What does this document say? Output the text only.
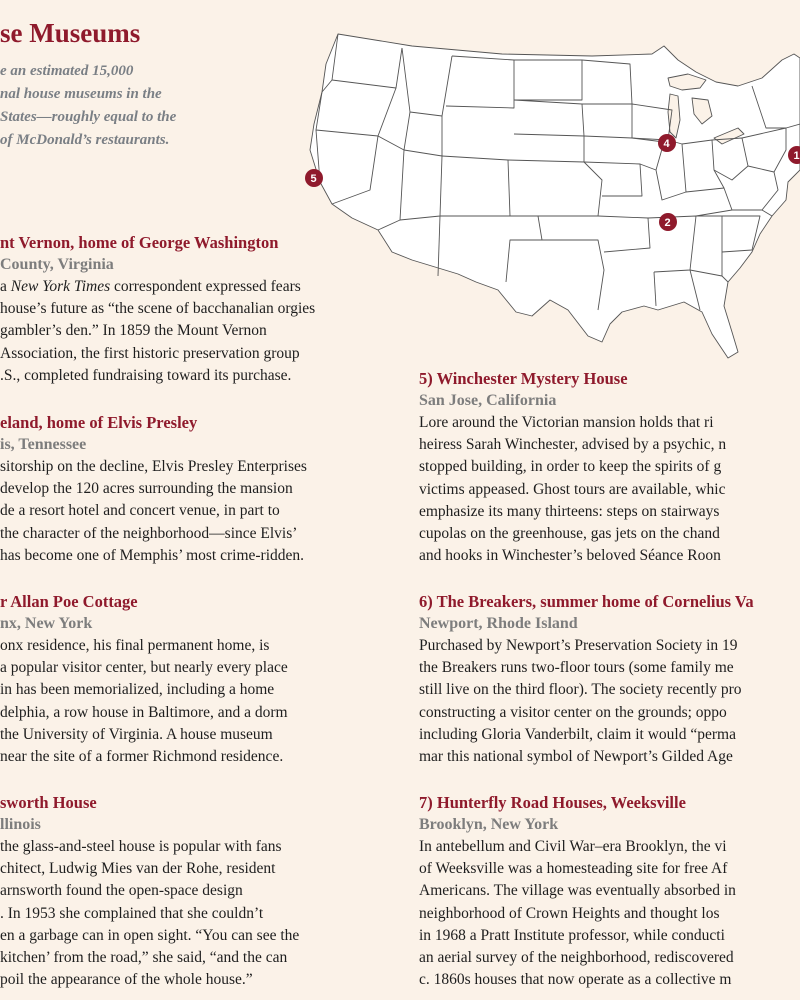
se Museums

e an estimated 15,000
nal house museums in the
States—roughly equal to the
of McDonald’s restaurants.

1
2
4
5

nt Vernon, home of George Washington

County, Virginia

a New York Times correspondent expressed fears
house’s future as “the scene of bacchanalian orgies
gambler’s den.” In 1859 the Mount Vernon
Association, the first historic preservation group
.S., completed fundraising toward its purchase.

eland, home of Elvis Presley

is, Tennessee

sitorship on the decline, Elvis Presley Enterprises
develop the 120 acres surrounding the mansion
de a resort hotel and concert venue, in part to
the character of the neighborhood—since Elvis’
has become one of Memphis’ most crime-ridden.

r Allan Poe Cottage

nx, New York

onx residence, his final permanent home, is
a popular visitor center, but nearly every place
in has been memorialized, including a home
delphia, a row house in Baltimore, and a dorm
the University of Virginia. A house museum
near the site of a former Richmond residence.

sworth House

llinois

the glass-and-steel house is popular with fans
chitect, Ludwig Mies van der Rohe, resident
arnsworth found the open-space design
. In 1953 she complained that she couldn’t
en a garbage can in open sight. “You can see the
kitchen’ from the road,” she said, “and the can
poil the appearance of the whole house.”

5) Winchester Mystery House

San Jose, California

Lore around the Victorian mansion holds that ri
heiress Sarah Winchester, advised by a psychic, n
stopped building, in order to keep the spirits of g
victims appeased. Ghost tours are available, whic
emphasize its many thirteens: steps on stairways
cupolas on the greenhouse, gas jets on the chand
and hooks in Winchester’s beloved Séance Roon

6) The Breakers, summer home of Cornelius Va

Newport, Rhode Island

Purchased by Newport’s Preservation Society in 19
the Breakers runs two-floor tours (some family me
still live on the third floor). The society recently pro
constructing a visitor center on the grounds; oppo
including Gloria Vanderbilt, claim it would “perma
mar this national symbol of Newport’s Gilded Age

7) Hunterfly Road Houses, Weeksville

Brooklyn, New York

In antebellum and Civil War–era Brooklyn, the vi
of Weeksville was a homesteading site for free Af
Americans. The village was eventually absorbed in
neighborhood of Crown Heights and thought los
in 1968 a Pratt Institute professor, while conducti
an aerial survey of the neighborhood, rediscovered
c. 1860s houses that now operate as a collective m
